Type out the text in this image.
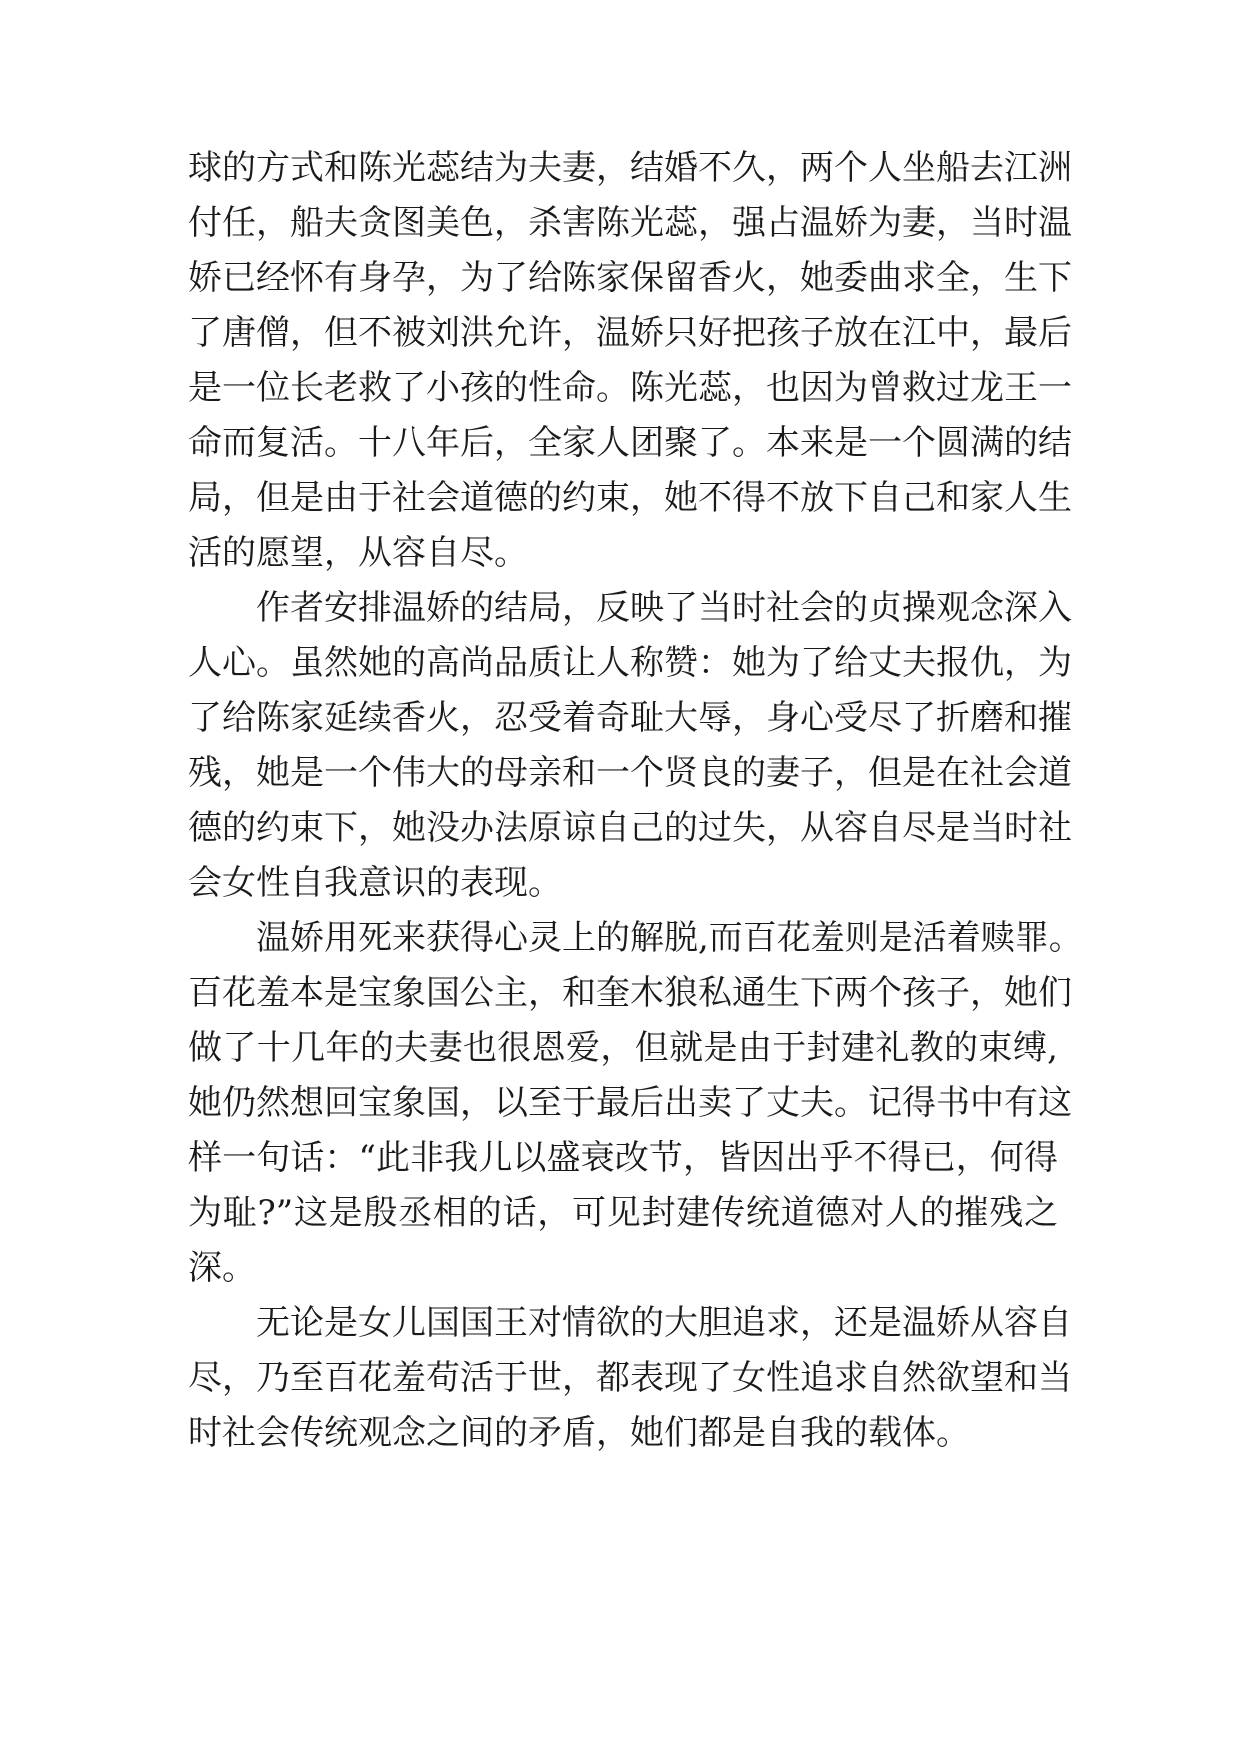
球的方式和陈光蕊结为夫妻，结婚不久，两个人坐船去江洲
付任，船夫贪图美色，杀害陈光蕊，强占温娇为妻，当时温
娇已经怀有身孕，为了给陈家保留香火，她委曲求全，生下
了唐僧，但不被刘洪允许，温娇只好把孩子放在江中，最后
是一位长老救了小孩的性命。陈光蕊，也因为曾救过龙王一
命而复活。十八年后，全家人团聚了。本来是一个圆满的结
局，但是由于社会道德的约束，她不得不放下自己和家人生
活的愿望，从容自尽。
作者安排温娇的结局，反映了当时社会的贞操观念深入
人心。虽然她的高尚品质让人称赞：她为了给丈夫报仇，为
了给陈家延续香火，忍受着奇耻大辱，身心受尽了折磨和摧
残，她是一个伟大的母亲和一个贤良的妻子，但是在社会道
德的约束下，她没办法原谅自己的过失，从容自尽是当时社
会女性自我意识的表现。
温娇用死来获得心灵上的解脱,而百花羞则是活着赎罪。
百花羞本是宝象国公主，和奎木狼私通生下两个孩子，她们
做了十几年的夫妻也很恩爱，但就是由于封建礼教的束缚,
她仍然想回宝象国，以至于最后出卖了丈夫。记得书中有这
样一句话：“此非我儿以盛衰改节，皆因出乎不得已，何得
为耻?”这是殷丞相的话，可见封建传统道德对人的摧残之
深。
无论是女儿国国王对情欲的大胆追求，还是温娇从容自
尽，乃至百花羞苟活于世，都表现了女性追求自然欲望和当
时社会传统观念之间的矛盾，她们都是自我的载体。
